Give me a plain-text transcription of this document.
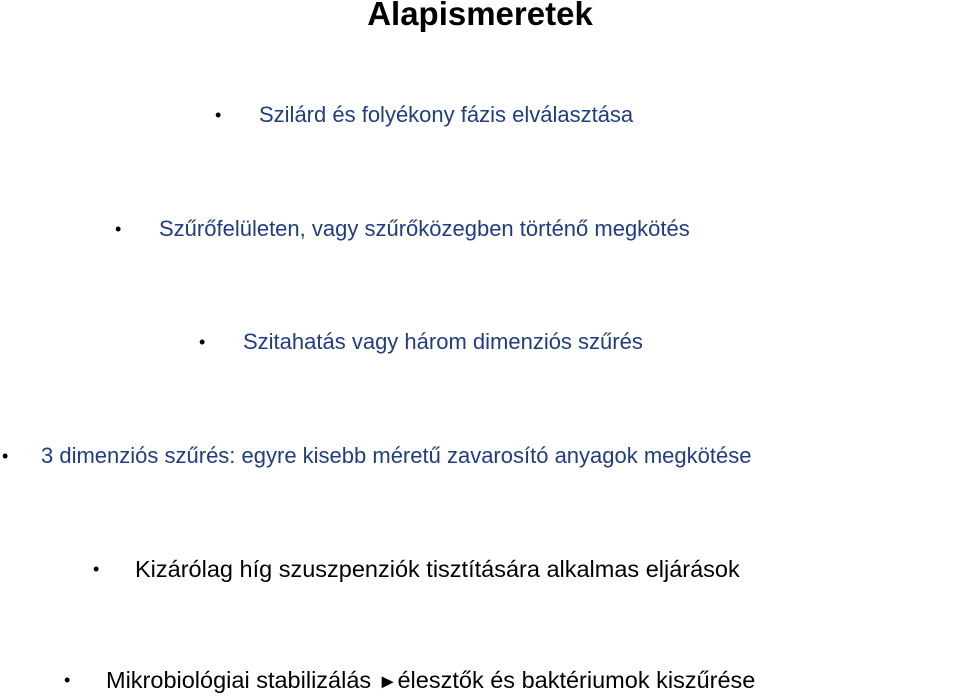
Alapismeretek
• Szilárd és folyékony fázis elválasztása
• Szűrőfelületen, vagy szűrőközegben történő megkötés
• Szitahatás vagy három dimenziós szűrés
• 3 dimenziós szűrés: egyre kisebb méretű zavarosító anyagok megkötése
• Kizárólag híg szuszpenziók tisztítására alkalmas eljárások
• Mikrobiológiai stabilizálás ►élesztők és baktériumok kiszűrése
